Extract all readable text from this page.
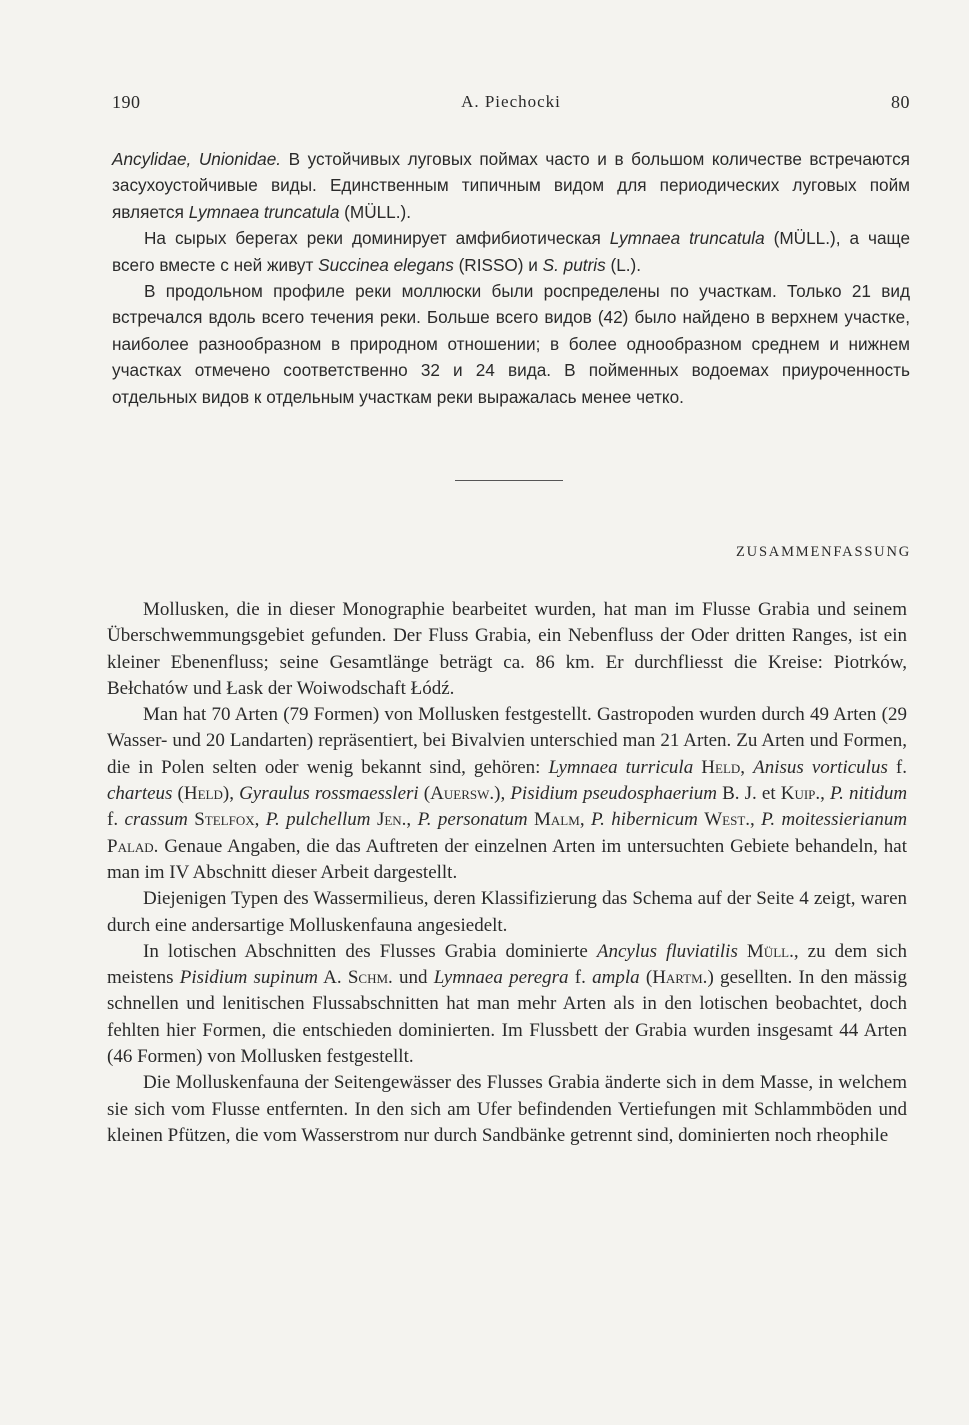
190	A. Piechocki	80

Ancylidae, Unionidae. В устойчивых луговых поймах часто и в большом количестве встречаются засухоустойчивые виды. Единственным типичным видом для периодических луговых пойм является Lymnaea truncatula (MÜLL.).

На сырых берегах реки доминирует амфибиотическая Lymnaea truncatula (MÜLL.), а чаще всего вместе с ней живут Succinea elegans (RISSO) и S. putris (L.).

В продольном профиле реки моллюски были роспределены по участкам. Только 21 вид встречался вдоль всего течения реки. Больше всего видов (42) было найдено в верхнем участке, наиболее разнообразном в природном отношении; в более однообразном среднем и нижнем участках отмечено соответственно 32 и 24 вида. В пойменных водоемах приуроченность отдельных видов к отдельным участкам реки выражалась менее четко.

ZUSAMMENFASSUNG

Mollusken, die in dieser Monographie bearbeitet wurden, hat man im Flusse Grabia und seinem Überschwemmungsgebiet gefunden. Der Fluss Grabia, ein Nebenfluss der Oder dritten Ranges, ist ein kleiner Ebenenfluss; seine Gesamtlänge beträgt ca. 86 km. Er durchfliesst die Kreise: Piotrków, Bełchatów und Łask der Woiwodschaft Łódź.

Man hat 70 Arten (79 Formen) von Mollusken festgestellt. Gastropoden wurden durch 49 Arten (29 Wasser- und 20 Landarten) repräsentiert, bei Bivalvien unterschied man 21 Arten. Zu Arten und Formen, die in Polen selten oder wenig bekannt sind, gehören: Lymnaea turricula Held, Anisus vorticulus f. charteus (Held), Gyraulus rossmaessleri (Auersw.), Pisidium pseudosphaerium B. J. et Kuip., P. nitidum f. crassum Stelfox, P. pulchellum Jen., P. personatum Malm, P. hibernicum West., P. moitessierianum Palad. Genaue Angaben, die das Auftreten der einzelnen Arten im untersuchten Gebiete behandeln, hat man im IV Abschnitt dieser Arbeit dargestellt.

Diejenigen Typen des Wassermilieus, deren Klassifizierung das Schema auf der Seite 4 zeigt, waren durch eine andersartige Molluskenfauna angesiedelt.

In lotischen Abschnitten des Flusses Grabia dominierte Ancylus fluviatilis Müll., zu dem sich meistens Pisidium supinum A. Schm. und Lymnaea peregra f. ampla (Hartm.) gesellten. In den mässig schnellen und lenitischen Flussabschnitten hat man mehr Arten als in den lotischen beobachtet, doch fehlten hier Formen, die entschieden dominierten. Im Flussbett der Grabia wurden insgesamt 44 Arten (46 Formen) von Mollusken festgestellt.

Die Molluskenfauna der Seitengewässer des Flusses Grabia änderte sich in dem Masse, in welchem sie sich vom Flusse entfernten. In den sich am Ufer befindenden Vertiefungen mit Schlammböden und kleinen Pfützen, die vom Wasserstrom nur durch Sandbänke getrennt sind, dominierten noch rheophile
